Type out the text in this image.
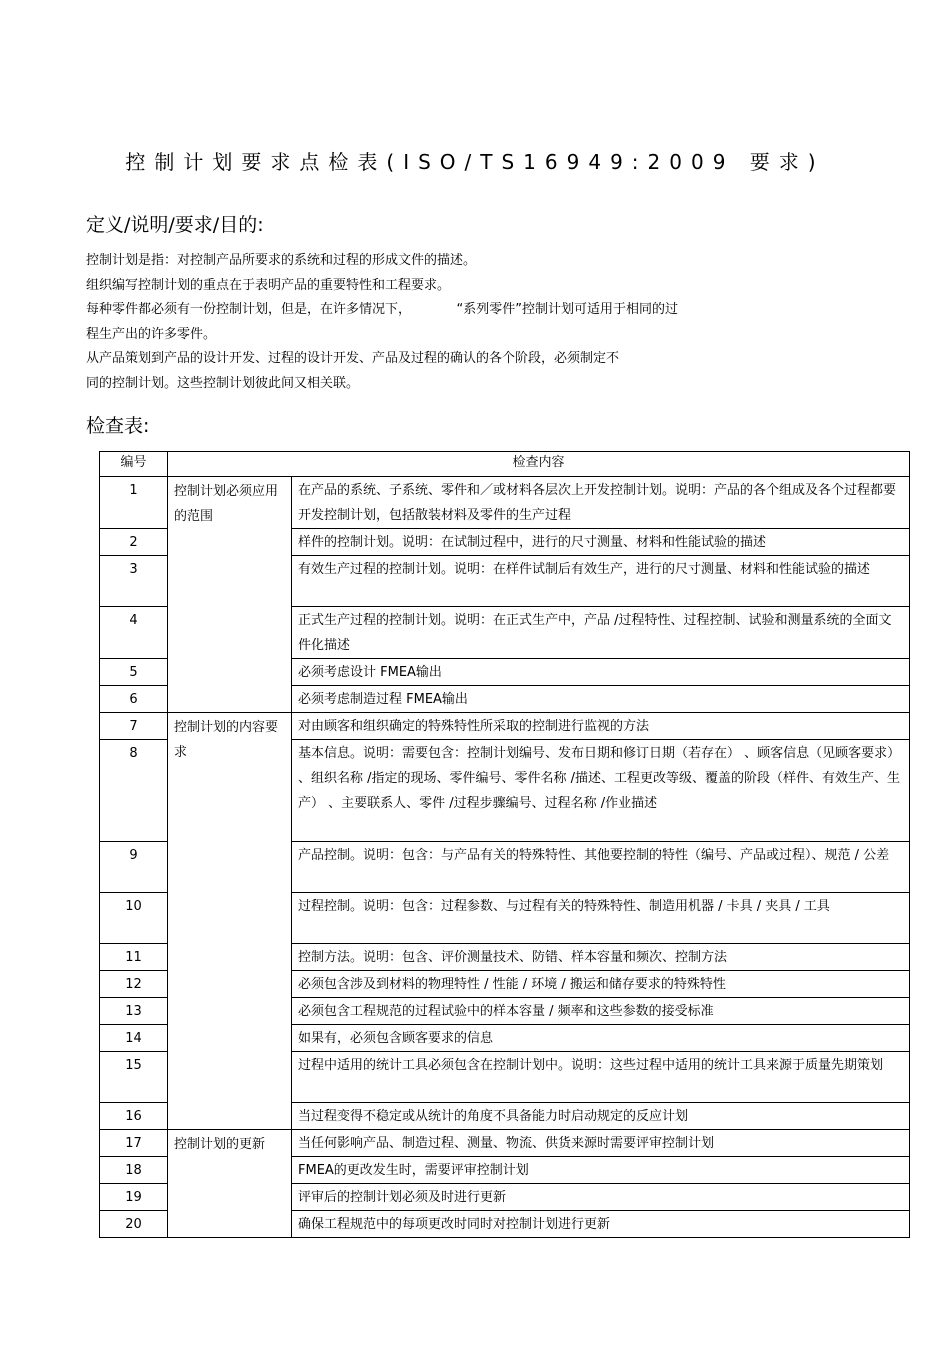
控制计划要求点检表(ISO/TS16949:2009 要求)
定义/说明/要求/目的:
控制计划是指：对控制产品所要求的系统和过程的形成文件的描述。
组织编写控制计划的重点在于表明产品的重要特性和工程要求。
每种零件都必须有一份控制计划，但是，在许多情况下，　　　　“系列零件”控制计划可适用于相同的过
程生产出的许多零件。
从产品策划到产品的设计开发、过程的设计开发、产品及过程的确认的各个阶段，必须制定不
同的控制计划。这些控制计划彼此间又相关联。
检查表:
编号	检查内容	
1	控制计划必须应用的范围	在产品的系统、子系统、零件和／或材料各层次上开发控制计划。说明：产品的各个组成及各个过程都要开发控制计划，包括散装材料及零件的生产过程
2		样件的控制计划。说明：在试制过程中，进行的尺寸测量、材料和性能试验的描述
3		有效生产过程的控制计划。说明：在样件试制后有效生产，进行的尺寸测量、材料和性能试验的描述
4		正式生产过程的控制计划。说明：在正式生产中，产品 /过程特性、过程控制、试验和测量系统的全面文件化描述
5		必须考虑设计 FMEA输出
6		必须考虑制造过程 FMEA输出
7	控制计划的内容要求	对由顾客和组织确定的特殊特性所采取的控制进行监视的方法
8		基本信息。说明：需要包含：控制计划编号、发布日期和修订日期（若存在） 、顾客信息（见顾客要求） 、组织名称 /指定的现场、零件编号、零件名称 /描述、工程更改等级、覆盖的阶段（样件、有效生产、生产） 、主要联系人、零件 /过程步骤编号、过程名称 /作业描述
9		产品控制。说明：包含：与产品有关的特殊特性、其他要控制的特性（编号、产品或过程）、规范 / 公差
10		过程控制。说明：包含：过程参数、与过程有关的特殊特性、制造用机器 / 卡具 / 夹具 / 工具
11		控制方法。说明：包含、评价测量技术、防错、样本容量和频次、控制方法
12		必须包含涉及到材料的物理特性 / 性能 / 环境 / 搬运和储存要求的特殊特性
13		必须包含工程规范的过程试验中的样本容量 / 频率和这些参数的接受标准
14		如果有，必须包含顾客要求的信息
15		过程中适用的统计工具必须包含在控制计划中。说明：这些过程中适用的统计工具来源于质量先期策划
16		当过程变得不稳定或从统计的角度不具备能力时启动规定的反应计划
17	控制计划的更新	当任何影响产品、制造过程、测量、物流、供货来源时需要评审控制计划
18		FMEA的更改发生时，需要评审控制计划
19		评审后的控制计划必须及时进行更新
20		确保工程规范中的每项更改时同时对控制计划进行更新
